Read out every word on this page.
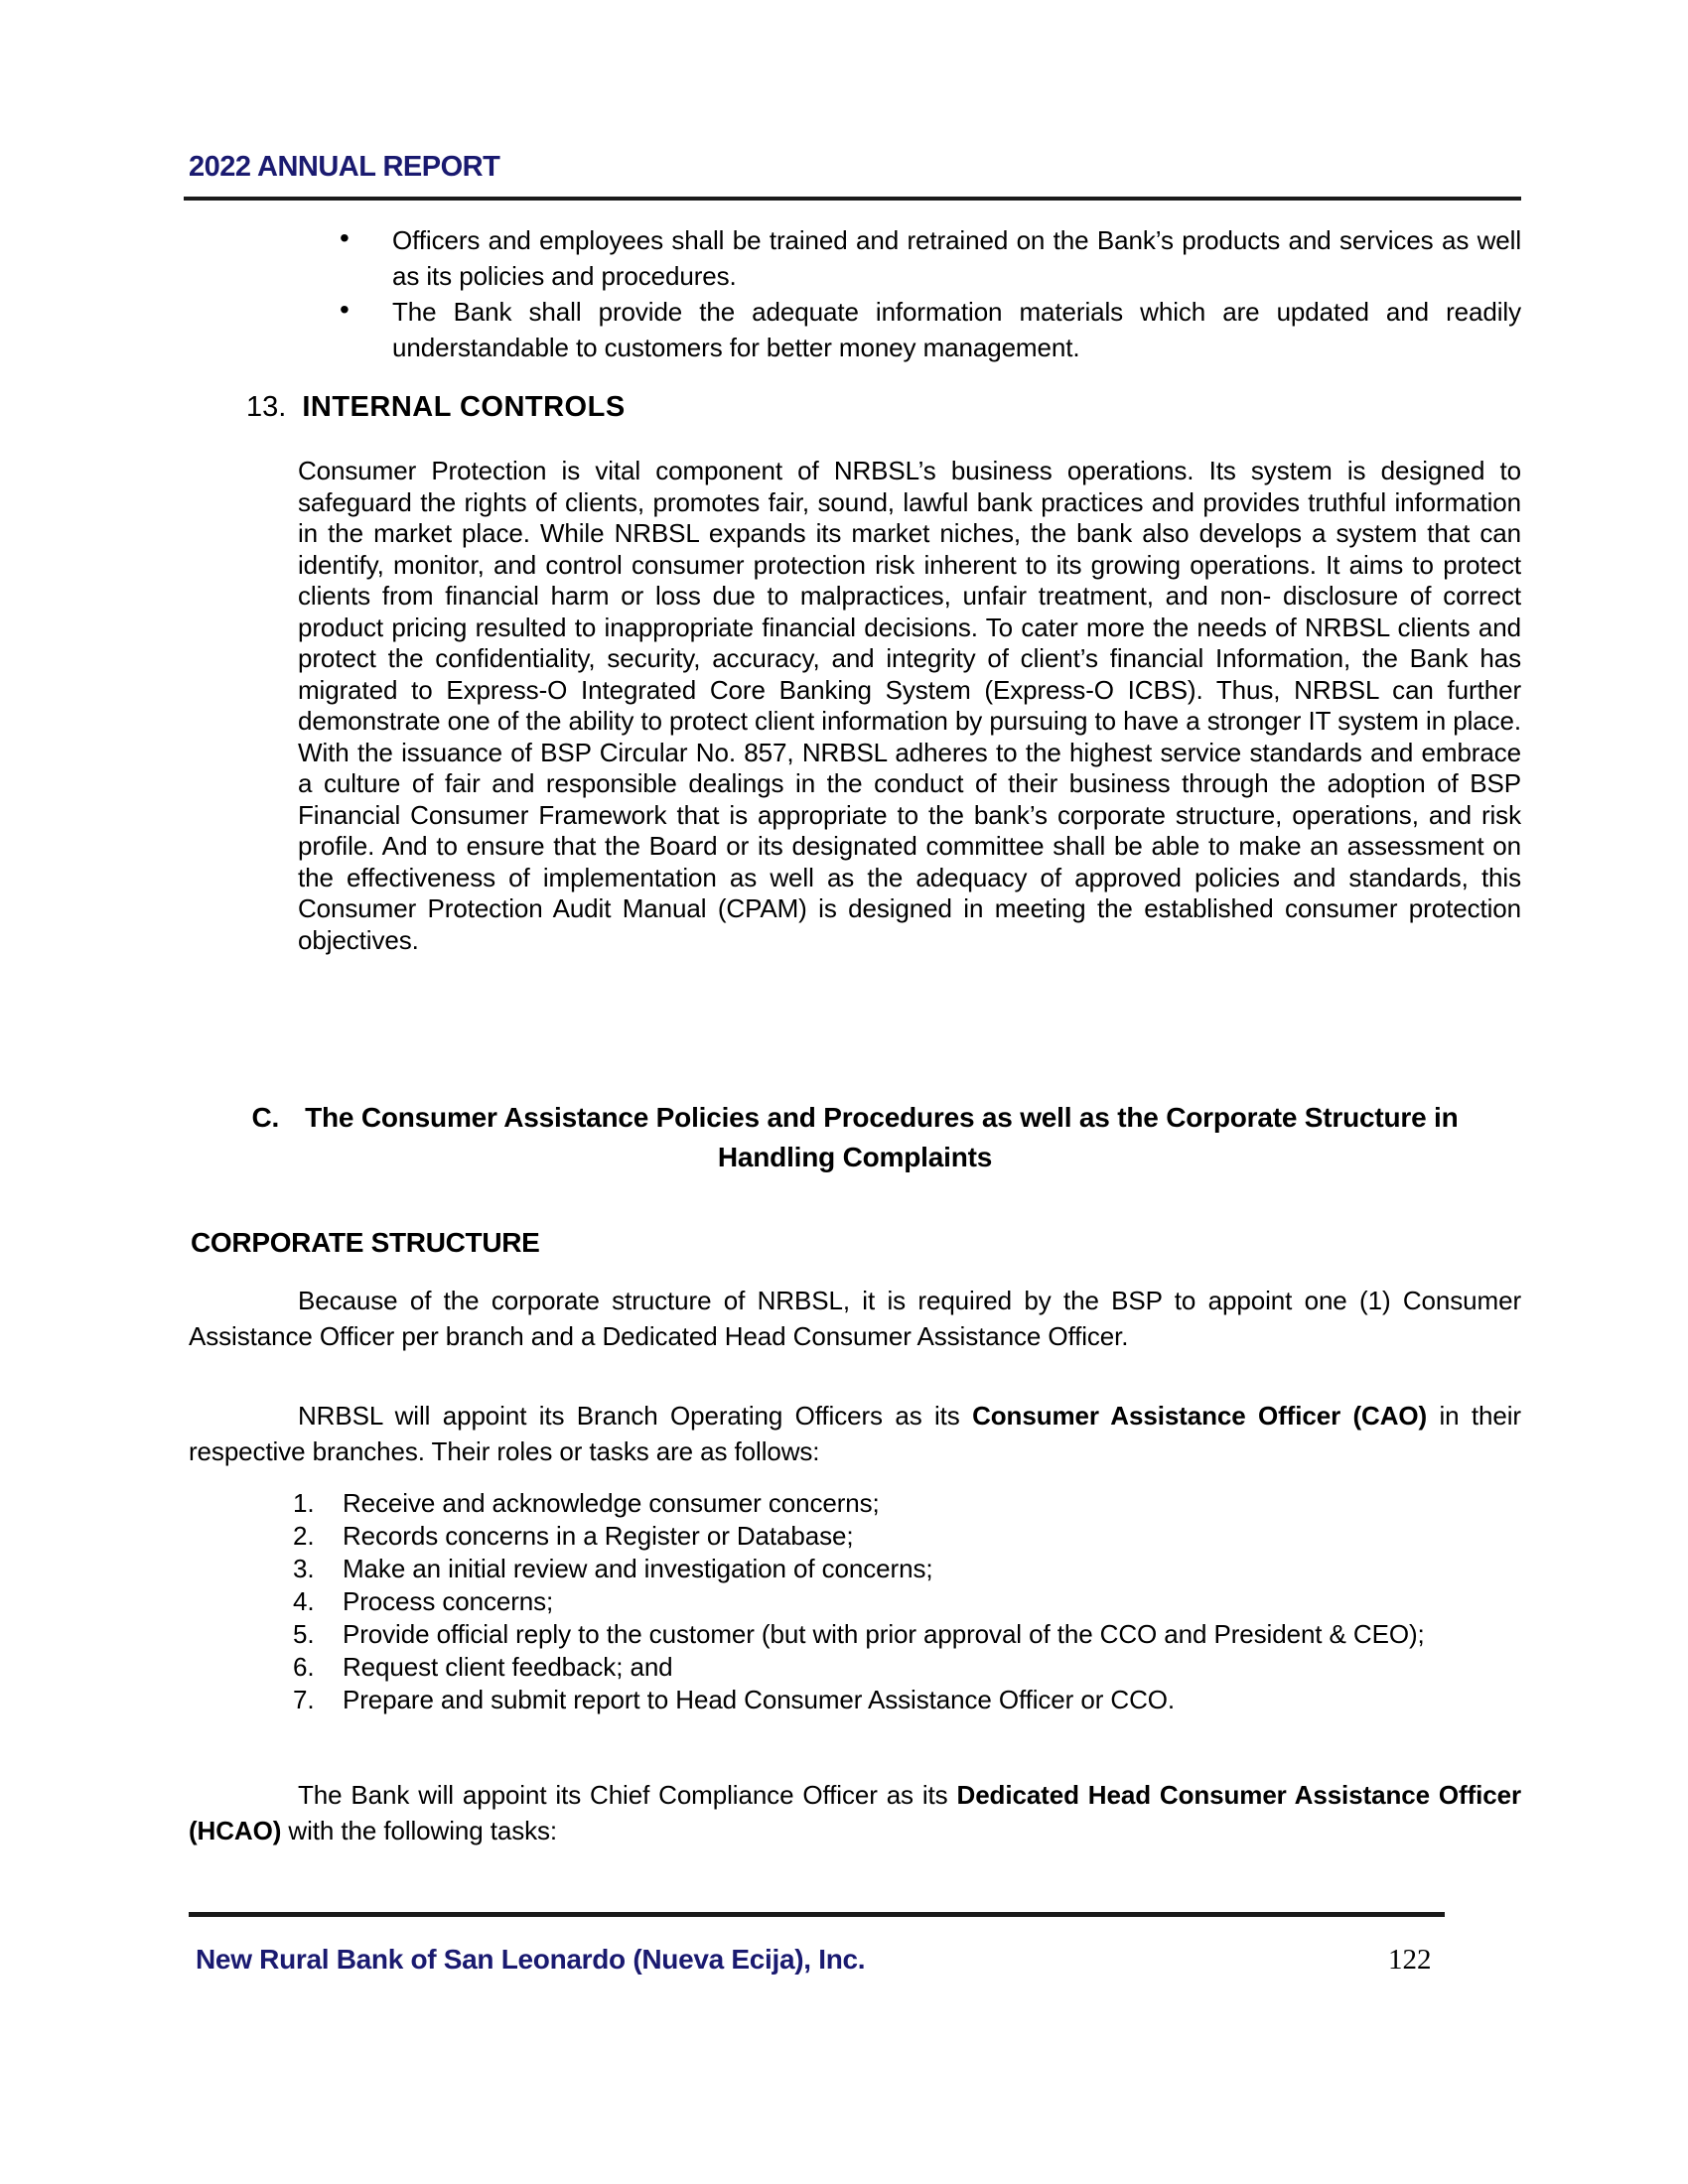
2022 ANNUAL REPORT
• Officers and employees shall be trained and retrained on the Bank’s products and services as well as its policies and procedures.
• The Bank shall provide the adequate information materials which are updated and readily understandable to customers for better money management.
13. INTERNAL CONTROLS
Consumer Protection is vital component of NRBSL’s business operations. Its system is designed to safeguard the rights of clients, promotes fair, sound, lawful bank practices and provides truthful information in the market place. While NRBSL expands its market niches, the bank also develops a system that can identify, monitor, and control consumer protection risk inherent to its growing operations. It aims to protect clients from financial harm or loss due to malpractices, unfair treatment, and non- disclosure of correct product pricing resulted to inappropriate financial decisions. To cater more the needs of NRBSL clients and protect the confidentiality, security, accuracy, and integrity of client’s financial Information, the Bank has migrated to Express-O Integrated Core Banking System (Express-O ICBS). Thus, NRBSL can further demonstrate one of the ability to protect client information by pursuing to have a stronger IT system in place. With the issuance of BSP Circular No. 857, NRBSL adheres to the highest service standards and embrace a culture of fair and responsible dealings in the conduct of their business through the adoption of BSP Financial Consumer Framework that is appropriate to the bank’s corporate structure, operations, and risk profile. And to ensure that the Board or its designated committee shall be able to make an assessment on the effectiveness of implementation as well as the adequacy of approved policies and standards, this Consumer Protection Audit Manual (CPAM) is designed in meeting the established consumer protection objectives.
C. The Consumer Assistance Policies and Procedures as well as the Corporate Structure in Handling Complaints
CORPORATE STRUCTURE
Because of the corporate structure of NRBSL, it is required by the BSP to appoint one (1) Consumer Assistance Officer per branch and a Dedicated Head Consumer Assistance Officer.
NRBSL will appoint its Branch Operating Officers as its Consumer Assistance Officer (CAO) in their respective branches. Their roles or tasks are as follows:
1.	Receive and acknowledge consumer concerns;
2.	Records concerns in a Register or Database;
3.	Make an initial review and investigation of concerns;
4.	Process concerns;
5.	Provide official reply to the customer (but with prior approval of the CCO and President & CEO);
6.	Request client feedback; and
7.	Prepare and submit report to Head Consumer Assistance Officer or CCO.
The Bank will appoint its Chief Compliance Officer as its Dedicated Head Consumer Assistance Officer (HCAO) with the following tasks:
New Rural Bank of San Leonardo (Nueva Ecija), Inc.	122
